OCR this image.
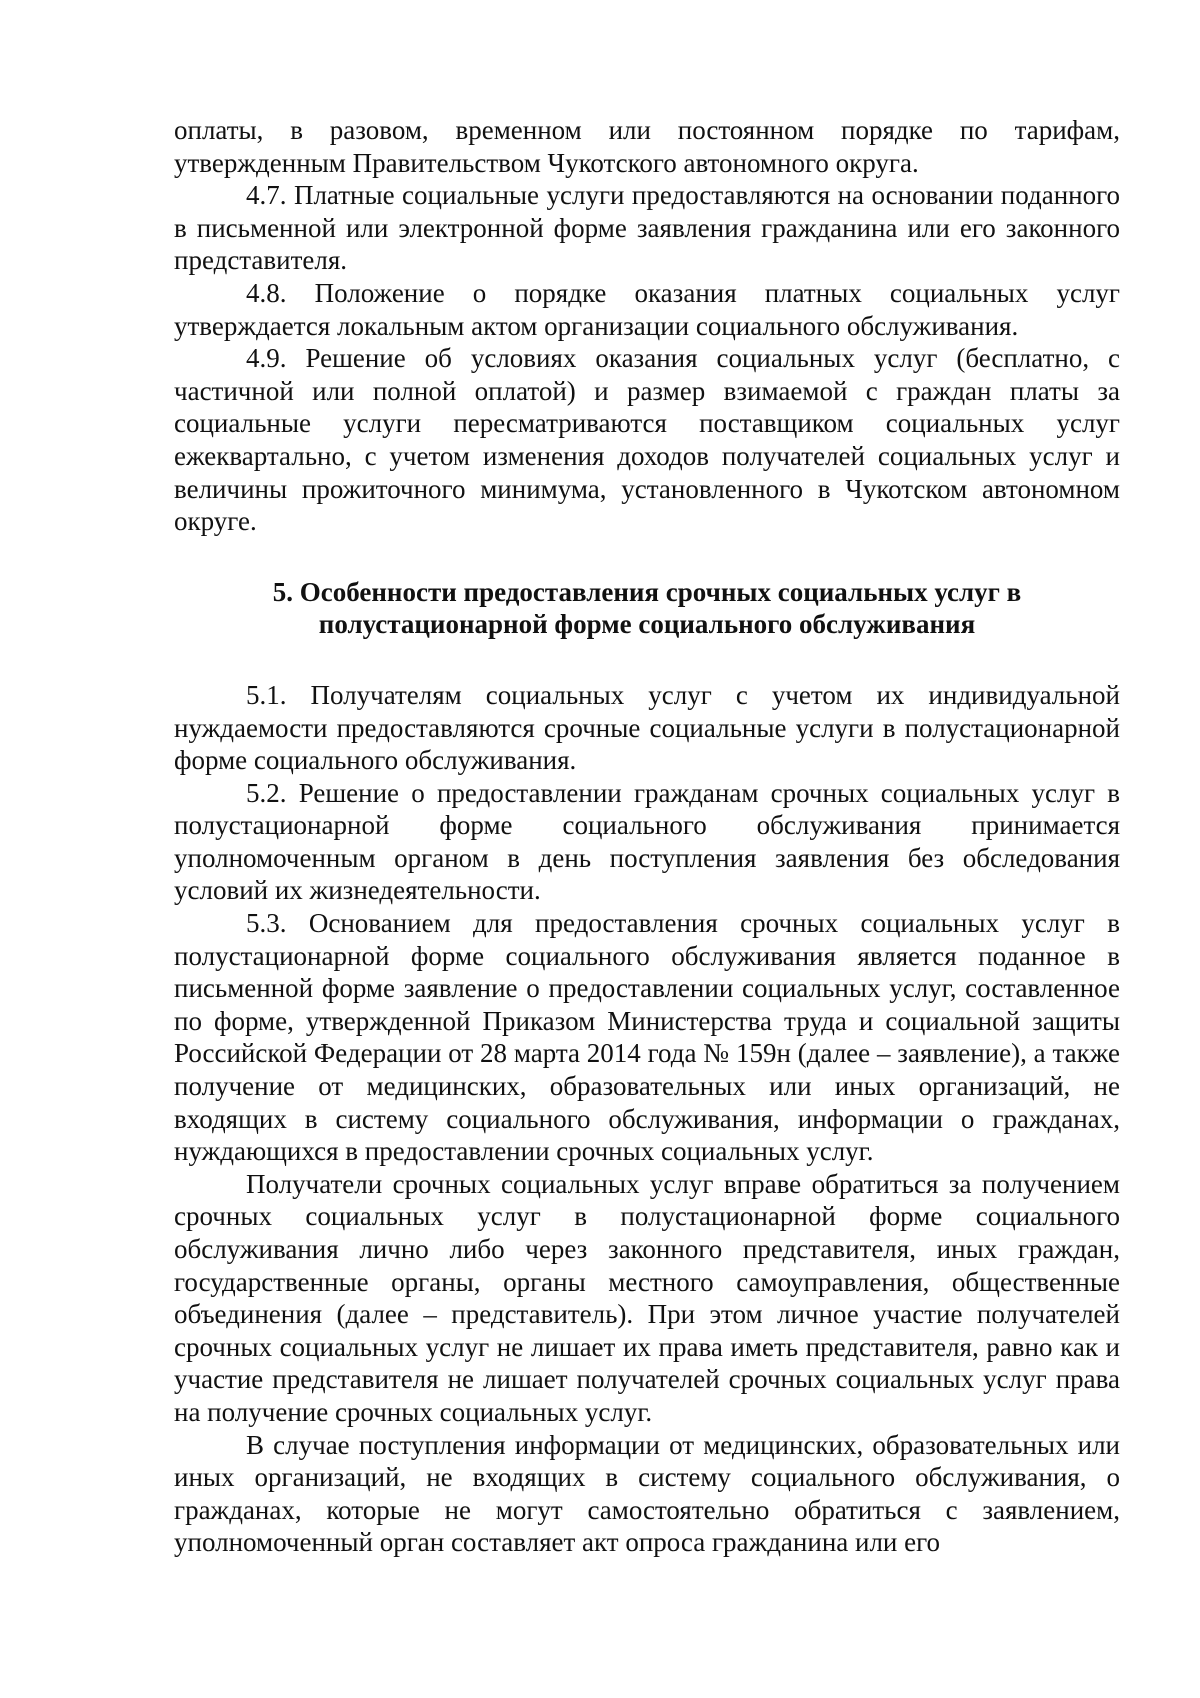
оплаты, в разовом, временном или постоянном порядке по тарифам, утвержденным Правительством Чукотского автономного округа.

4.7. Платные социальные услуги предоставляются на основании поданного в письменной или электронной форме заявления гражданина или его законного представителя.

4.8. Положение о порядке оказания платных социальных услуг утверждается локальным актом организации социального обслуживания.

4.9. Решение об условиях оказания социальных услуг (бесплатно, с частичной или полной оплатой) и размер взимаемой с граждан платы за социальные услуги пересматриваются поставщиком социальных услуг ежеквартально, с учетом изменения доходов получателей социальных услуг и величины прожиточного минимума, установленного в Чукотском автономном округе.

5. Особенности предоставления срочных социальных услуг в
полустационарной форме социального обслуживания

5.1. Получателям социальных услуг с учетом их индивидуальной нуждаемости предоставляются срочные социальные услуги в полустационарной форме социального обслуживания.

5.2. Решение о предоставлении гражданам срочных социальных услуг в полустационарной форме социального обслуживания принимается уполномоченным органом в день поступления заявления без обследования условий их жизнедеятельности.

5.3. Основанием для предоставления срочных социальных услуг в полустационарной форме социального обслуживания является поданное в письменной форме заявление о предоставлении социальных услуг, составленное по форме, утвержденной Приказом Министерства труда и социальной защиты Российской Федерации от 28 марта 2014 года № 159н (далее – заявление), а также получение от медицинских, образовательных или иных организаций, не входящих в систему социального обслуживания, информации о гражданах, нуждающихся в предоставлении срочных социальных услуг.

Получатели срочных социальных услуг вправе обратиться за получением срочных социальных услуг в полустационарной форме социального обслуживания лично либо через законного представителя, иных граждан, государственные органы, органы местного самоуправления, общественные объединения (далее – представитель). При этом личное участие получателей срочных социальных услуг не лишает их права иметь представителя, равно как и участие представителя не лишает получателей срочных социальных услуг права на получение срочных социальных услуг.

В случае поступления информации от медицинских, образовательных или иных организаций, не входящих в систему социального обслуживания, о гражданах, которые не могут самостоятельно обратиться с заявлением, уполномоченный орган составляет акт опроса гражданина или его
